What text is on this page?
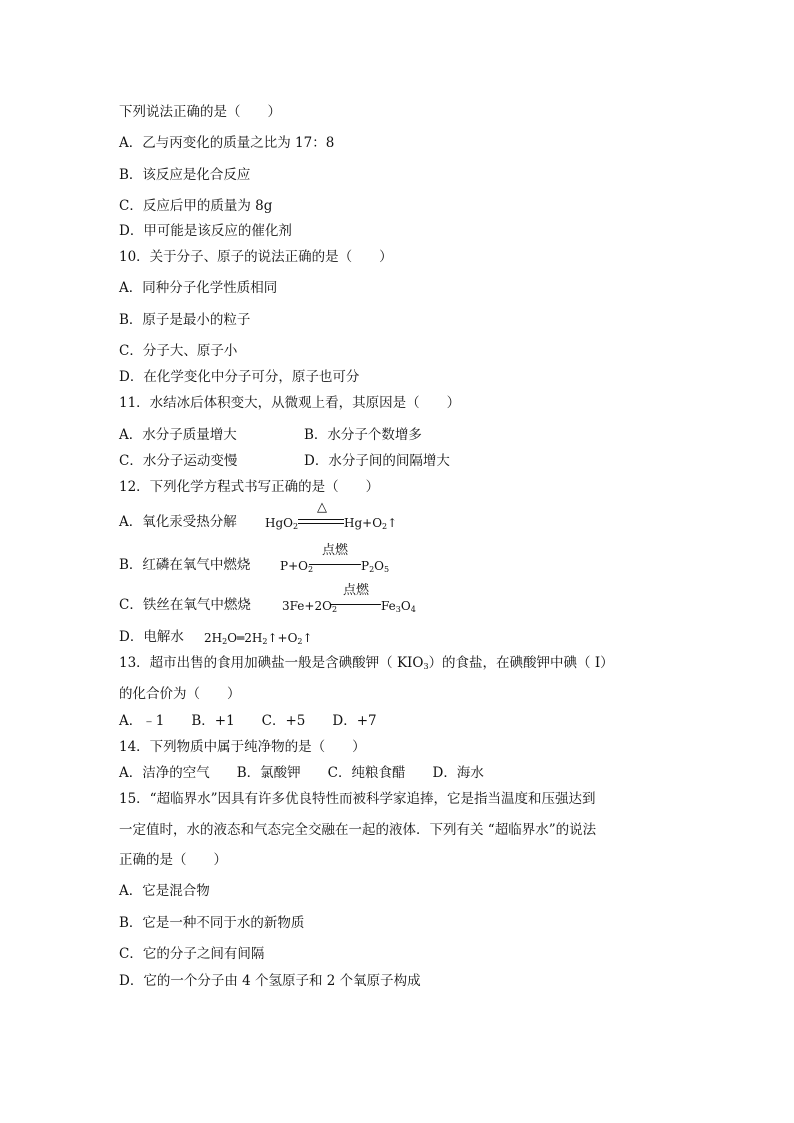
下列说法正确的是（　　）
A．乙与丙变化的质量之比为 17：8
B．该反应是化合反应
C．反应后甲的质量为 8g
D．甲可能是该反应的催化剂
10．关于分子、原子的说法正确的是（　　）
A．同种分子化学性质相同
B．原子是最小的粒子
C．分子大、原子小
D．在化学变化中分子可分，原子也可分
11．水结冰后体积变大，从微观上看，其原因是（　　）
A．水分子质量增大	B．水分子个数增多
C．水分子运动变慢	D．水分子间的间隔增大
12．下列化学方程式书写正确的是（　　）
A．氧化汞受热分解 HgO$_2$
△
$Hg+O_2↑$
B．红磷在氧气中燃烧 $P+O_2$
点燃
$P_2O_5$
C．铁丝在氧气中燃烧	$3Fe+2O_2$
点燃
$Fe_3O_4$
D．电解水 $2H_2O═2H_2↑+O_2↑$
13．超市出售的食用加碘盐一般是含碘酸钾（ $KIO_3$）的食盐，在碘酸钾中碘（ I）
的化合价为（　　）
A．﹣1　　B．+1　　C．+5　　D．+7
14．下列物质中属于纯净物的是（　　）
A．洁净的空气　　B．氯酸钾　　C．纯粮食醋　　D．海水
15．“超临界水”因具有许多优良特性而被科学家追捧，它是指当温度和压强达到
一定值时，水的液态和气态完全交融在一起的液体．下列有关 “超临界水”的说法
正确的是（　　）
A．它是混合物
B．它是一种不同于水的新物质
C．它的分子之间有间隔
D．它的一个分子由 4 个氢原子和 2 个氧原子构成
